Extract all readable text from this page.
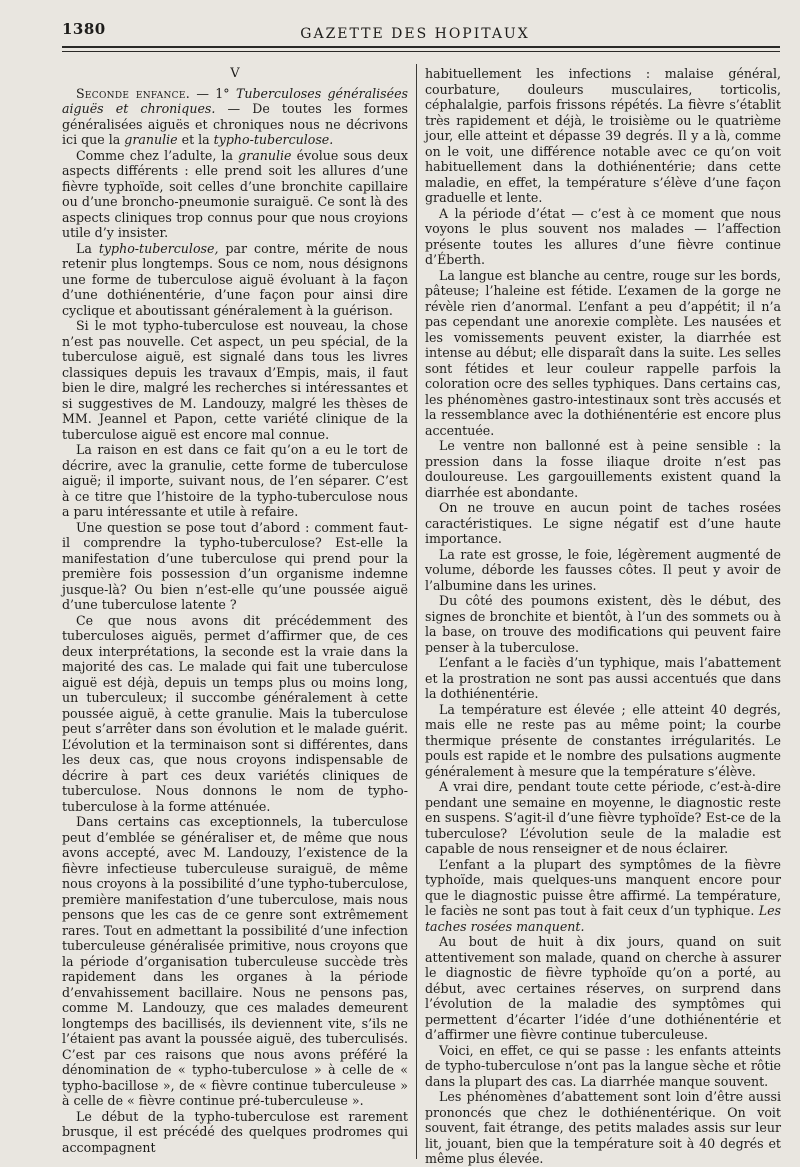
1380	GAZETTE DES HOPITAUX
V

Seconde enfance. — 1° Tuberculoses généralisées aiguës et chroniques. — De toutes les formes généralisées aiguës et chroniques nous ne décrivons ici que la granulie et la typho-tuberculose.

Comme chez l’adulte, la granulie évolue sous deux aspects différents : elle prend soit les allures d’une fièvre typhoïde, soit celles d’une bronchite capillaire ou d’une broncho-pneumonie suraiguë. Ce sont là des aspects cliniques trop connus pour que nous croyions utile d’y insister.

La typho-tuberculose, par contre, mérite de nous retenir plus longtemps. Sous ce nom, nous désignons une forme de tuberculose aiguë évoluant à la façon d’une dothiénentérie, d’une façon pour ainsi dire cyclique et aboutissant généralement à la guérison.

Si le mot typho-tuberculose est nouveau, la chose n’est pas nouvelle. Cet aspect, un peu spécial, de la tuberculose aiguë, est signalé dans tous les livres classiques depuis les travaux d’Empis, mais, il faut bien le dire, malgré les recherches si intéressantes et si suggestives de M. Landouzy, malgré les thèses de MM. Jeannel et Papon, cette variété clinique de la tuberculose aiguë est encore mal connue.

La raison en est dans ce fait qu’on a eu le tort de décrire, avec la granulie, cette forme de tuberculose aiguë; il importe, suivant nous, de l’en séparer. C’est à ce titre que l’histoire de la typho-tuberculose nous a paru intéressante et utile à refaire.

Une question se pose tout d’abord : comment faut-il comprendre la typho-tuberculose? Est-elle la manifestation d’une tuberculose qui prend pour la première fois possession d’un organisme indemne jusque-là? Ou bien n’est-elle qu’une poussée aiguë d’une tuberculose latente ?

Ce que nous avons dit précédemment des tuberculoses aiguës, permet d’affirmer que, de ces deux interprétations, la seconde est la vraie dans la majorité des cas. Le malade qui fait une tuberculose aiguë est déjà, depuis un temps plus ou moins long, un tuberculeux; il succombe généralement à cette poussée aiguë, à cette granulie. Mais la tuberculose peut s’arrêter dans son évolution et le malade guérit. L’évolution et la terminaison sont si différentes, dans les deux cas, que nous croyons indispensable de décrire à part ces deux variétés cliniques de tuberculose. Nous donnons le nom de typho-tuberculose à la forme atténuée.

Dans certains cas exceptionnels, la tuberculose peut d’emblée se généraliser et, de même que nous avons accepté, avec M. Landouzy, l’existence de la fièvre infectieuse tuberculeuse suraiguë, de même nous croyons à la possibilité d’une typho-tuberculose, première manifestation d’une tuberculose, mais nous pensons que les cas de ce genre sont extrêmement rares. Tout en admettant la possibilité d’une infection tuberculeuse généralisée primitive, nous croyons que la période d’organisation tuberculeuse succède très rapidement dans les organes à la période d’envahissement bacillaire. Nous ne pensons pas, comme M. Landouzy, que ces malades demeurent longtemps des bacillisés, ils deviennent vite, s’ils ne l’étaient pas avant la poussée aiguë, des tuberculisés. C’est par ces raisons que nous avons préféré la dénomination de « typho-tuberculose » à celle de « typho-bacillose », de « fièvre continue tuberculeuse » à celle de « fièvre continue pré-tuberculeuse ».

Le début de la typho-tuberculose est rarement brusque, il est précédé des quelques prodromes qui accompagnent

habituellement les infections : malaise général, courbature, douleurs musculaires, torticolis, céphalalgie, parfois frissons répétés. La fièvre s’établit très rapidement et déjà, le troisième ou le quatrième jour, elle atteint et dépasse 39 degrés. Il y a là, comme on le voit, une différence notable avec ce qu’on voit habituellement dans la dothiénentérie; dans cette maladie, en effet, la température s’élève d’une façon graduelle et lente.

A la période d’état — c’est à ce moment que nous voyons le plus souvent nos malades — l’affection présente toutes les allures d’une fièvre continue d’Éberth.

La langue est blanche au centre, rouge sur les bords, pâteuse; l’haleine est fétide. L’examen de la gorge ne révèle rien d’anormal. L’enfant a peu d’appétit; il n’a pas cependant une anorexie complète. Les nausées et les vomissements peuvent exister, la diarrhée est intense au début; elle disparaît dans la suite. Les selles sont fétides et leur couleur rappelle parfois la coloration ocre des selles typhiques. Dans certains cas, les phénomènes gastro-intestinaux sont très accusés et la ressemblance avec la dothiénentérie est encore plus accentuée.

Le ventre non ballonné est à peine sensible : la pression dans la fosse iliaque droite n’est pas douloureuse. Les gargouillements existent quand la diarrhée est abondante.

On ne trouve en aucun point de taches rosées caractéristiques. Le signe négatif est d’une haute importance.

La rate est grosse, le foie, légèrement augmenté de volume, déborde les fausses côtes. Il peut y avoir de l’albumine dans les urines.

Du côté des poumons existent, dès le début, des signes de bronchite et bientôt, à l’un des sommets ou à la base, on trouve des modifications qui peuvent faire penser à la tuberculose.

L’enfant a le faciès d’un typhique, mais l’abattement et la prostration ne sont pas aussi accentués que dans la dothiénentérie.

La température est élevée ; elle atteint 40 degrés, mais elle ne reste pas au même point; la courbe thermique présente de constantes irrégularités. Le pouls est rapide et le nombre des pulsations augmente généralement à mesure que la température s’élève.

A vrai dire, pendant toute cette période, c’est-à-dire pendant une semaine en moyenne, le diagnostic reste en suspens. S’agit-il d’une fièvre typhoïde? Est-ce de la tuberculose? L’évolution seule de la maladie est capable de nous renseigner et de nous éclairer.

L’enfant a la plupart des symptômes de la fièvre typhoïde, mais quelques-uns manquent encore pour que le diagnostic puisse être affirmé. La température, le faciès ne sont pas tout à fait ceux d’un typhique. Les taches rosées manquent.

Au bout de huit à dix jours, quand on suit attentivement son malade, quand on cherche à assurer le diagnostic de fièvre typhoïde qu’on a porté, au début, avec certaines réserves, on surprend dans l’évolution de la maladie des symptômes qui permettent d’écarter l’idée d’une dothiénentérie et d’affirmer une fièvre continue tuberculeuse.

Voici, en effet, ce qui se passe : les enfants atteints de typho-tuberculose n’ont pas la langue sèche et rôtie dans la plupart des cas. La diarrhée manque souvent.

Les phénomènes d’abattement sont loin d’être aussi prononcés que chez le dothiénentérique. On voit souvent, fait étrange, des petits malades assis sur leur lit, jouant, bien que la température soit à 40 degrés et même plus élevée.
